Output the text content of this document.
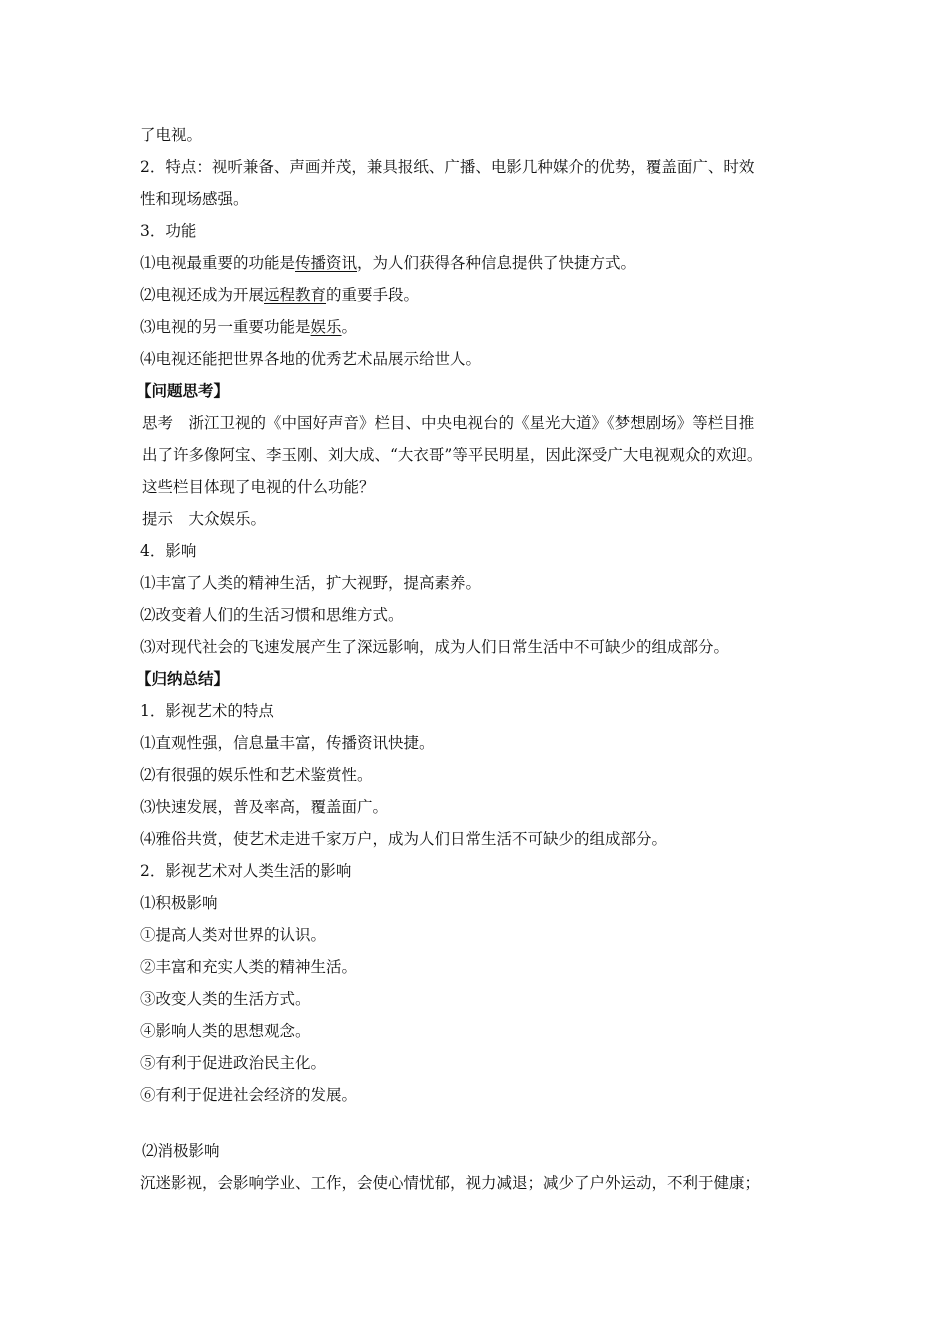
了电视。
2．特点：视听兼备、声画并茂，兼具报纸、广播、电影几种媒介的优势，覆盖面广、时效
性和现场感强。
3．功能
⑴电视最重要的功能是传播资讯，为人们获得各种信息提供了快捷方式。
⑵电视还成为开展远程教育的重要手段。
⑶电视的另一重要功能是娱乐。
⑷电视还能把世界各地的优秀艺术品展示给世人。
【问题思考】
思考　浙江卫视的《中国好声音》栏目、中央电视台的《星光大道》《梦想剧场》等栏目推
出了许多像阿宝、李玉刚、刘大成、“大衣哥”等平民明星，因此深受广大电视观众的欢迎。
这些栏目体现了电视的什么功能？
提示　大众娱乐。
4．影响
⑴丰富了人类的精神生活，扩大视野，提高素养。
⑵改变着人们的生活习惯和思维方式。
⑶对现代社会的飞速发展产生了深远影响，成为人们日常生活中不可缺少的组成部分。
【归纳总结】
1．影视艺术的特点
⑴直观性强，信息量丰富，传播资讯快捷。
⑵有很强的娱乐性和艺术鉴赏性。
⑶快速发展，普及率高，覆盖面广。
⑷雅俗共赏，使艺术走进千家万户，成为人们日常生活不可缺少的组成部分。
2．影视艺术对人类生活的影响
⑴积极影响
①提高人类对世界的认识。
②丰富和充实人类的精神生活。
③改变人类的生活方式。
④影响人类的思想观念。
⑤有利于促进政治民主化。
⑥有利于促进社会经济的发展。
⑵消极影响
沉迷影视，会影响学业、工作，会使心情忧郁，视力减退；减少了户外运动，不利于健康；
